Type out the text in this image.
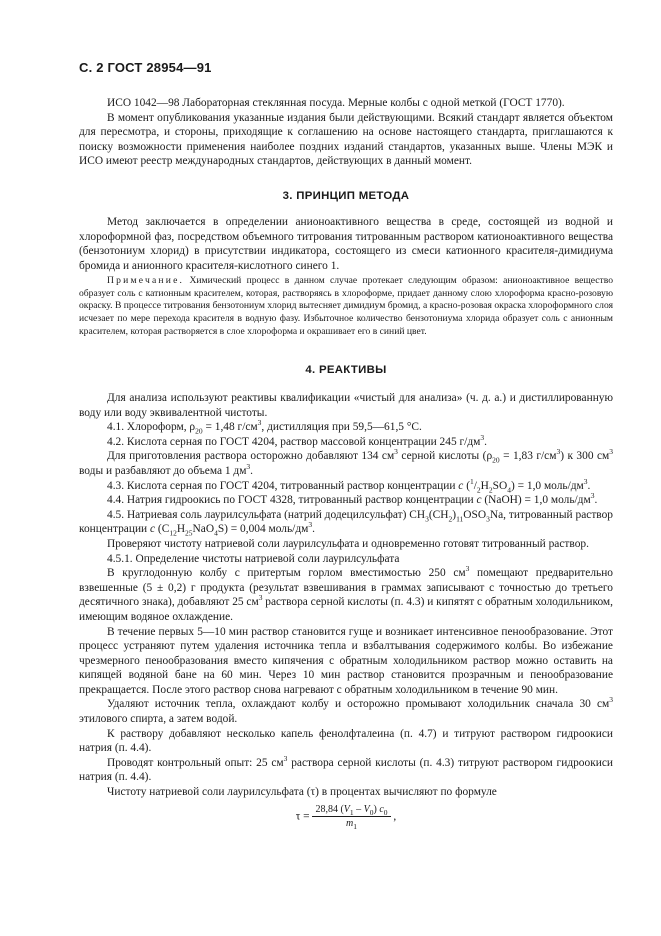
С. 2 ГОСТ 28954—91

ИСО 1042—98 Лабораторная стеклянная посуда. Мерные колбы с одной меткой (ГОСТ 1770).

В момент опубликования указанные издания были действующими. Всякий стандарт является объектом для пересмотра, и стороны, приходящие к соглашению на основе настоящего стандарта, приглашаются к поиску возможности применения наиболее поздних изданий стандартов, указанных выше. Члены МЭК и ИСО имеют реестр международных стандартов, действующих в данный момент.

3. ПРИНЦИП МЕТОДА

Метод заключается в определении анионоактивного вещества в среде, состоящей из водной и хлороформной фаз, посредством объемного титрования титрованным раствором катионоактивного вещества (бензотониум хлорид) в присутствии индикатора, состоящего из смеси катионного красителя-димидиума бромида и анионного красителя-кислотного синего 1.

Примечание. Химический процесс в данном случае протекает следующим образом: анионоактивное вещество образует соль с катионным красителем, которая, растворяясь в хлороформе, придает данному слою хлороформа красно-розовую окраску. В процессе титрования бензотониум хлорид вытесняет димидиум бромид, а красно-розовая окраска хлороформного слоя исчезает по мере перехода красителя в водную фазу. Избыточное количество бензотониума хлорида образует соль с анионным красителем, которая растворяется в слое хлороформа и окрашивает его в синий цвет.

4. РЕАКТИВЫ

Для анализа используют реактивы квалификации «чистый для анализа» (ч. д. а.) и дистиллированную воду или воду эквивалентной чистоты.

4.1. Хлороформ, $\rho_{20} = 1,48$ $г/см^3$, дистилляция при 59,5—61,5 °С.

4.2. Кислота серная по ГОСТ 4204, раствор массовой концентрации 245 $г/дм^3$.

Для приготовления раствора осторожно добавляют 134 $см^3$ серной кислоты ($\rho_{20} = 1,83$ $г/см^3$) к 300 $см^3$ воды и разбавляют до объема 1 $дм^3$.

4.3. Кислота серная по ГОСТ 4204, титрованный раствор концентрации c $(^1/_2H_2SO_4) = 1,0$ моль/$дм^3$.

4.4. Натрия гидроокись по ГОСТ 4328, титрованный раствор концентрации c (NaOH) = 1,0 моль/$дм^3$.

4.5. Натриевая соль лаурилсульфата (натрий додецилсульфат) $CH_3(CH_2)_{11}OSO_3Na$, титрованный раствор концентрации c $(C_{12}H_{25}NaO_4S) = 0,004$ моль/$дм^3$.

Проверяют чистоту натриевой соли лаурилсульфата и одновременно готовят титрованный раствор.

4.5.1. Определение чистоты натриевой соли лаурилсульфата

В круглодонную колбу с притертым горлом вместимостью 250 $см^3$ помещают предварительно взвешенные (5 ± 0,2) г продукта (результат взвешивания в граммах записывают с точностью до третьего десятичного знака), добавляют 25 $см^3$ раствора серной кислоты (п. 4.3) и кипятят с обратным холодильником, имеющим водяное охлаждение.

В течение первых 5—10 мин раствор становится гуще и возникает интенсивное пенообразование. Этот процесс устраняют путем удаления источника тепла и взбалтывания содержимого колбы. Во избежание чрезмерного пенообразования вместо кипячения с обратным холодильником раствор можно оставить на кипящей водяной бане на 60 мин. Через 10 мин раствор становится прозрачным и пенообразование прекращается. После этого раствор снова нагревают с обратным холодильником в течение 90 мин.

Удаляют источник тепла, охлаждают колбу и осторожно промывают холодильник сначала 30 $см^3$ этилового спирта, а затем водой.

К раствору добавляют несколько капель фенолфталеина (п. 4.7) и титруют раствором гидроокиси натрия (п. 4.4).

Проводят контрольный опыт: 25 $см^3$ раствора серной кислоты (п. 4.3) титруют раствором гидроокиси натрия (п. 4.4).

Чистоту натриевой соли лаурилсульфата (τ) в процентах вычисляют по формуле

$\tau = \frac{28,84 (V_1 - V_0) c_0}{m_1}$ ,
